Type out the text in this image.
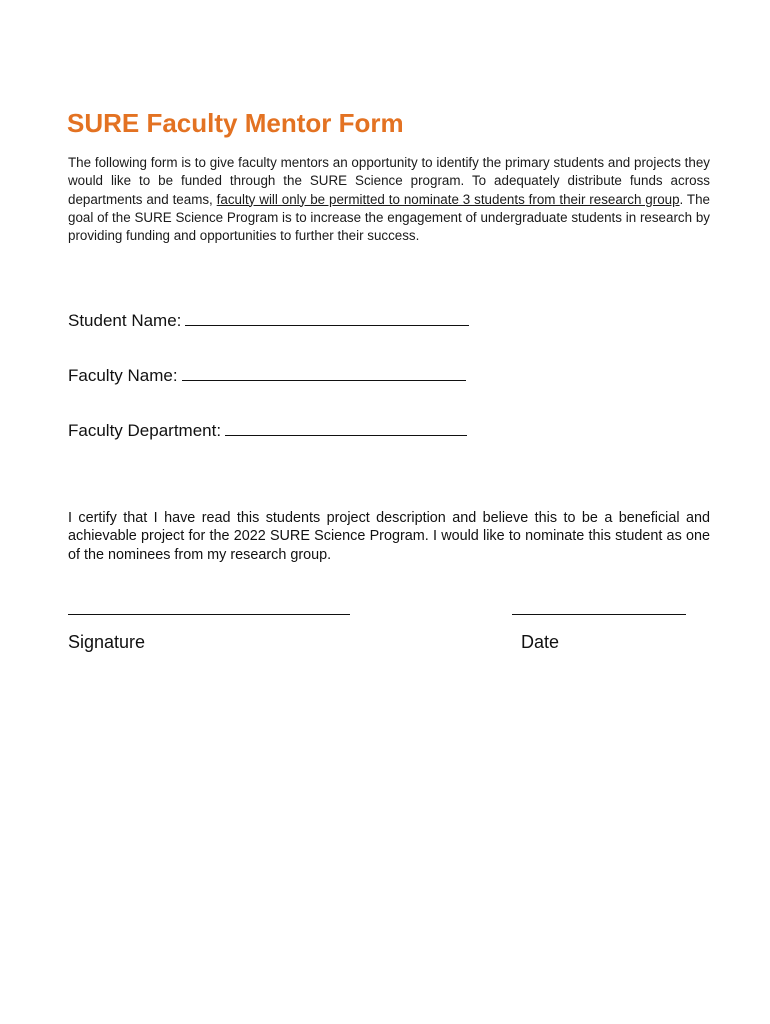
SURE Faculty Mentor Form

The following form is to give faculty mentors an opportunity to identify the primary students and projects they would like to be funded through the SURE Science program. To adequately distribute funds across departments and teams, faculty will only be permitted to nominate 3 students from their research group. The goal of the SURE Science Program is to increase the engagement of undergraduate students in research by providing funding and opportunities to further their success.

Student Name:
Faculty Name:
Faculty Department:

I certify that I have read this students project description and believe this to be a beneficial and achievable project for the 2022 SURE Science Program. I would like to nominate this student as one of the nominees from my research group.

Signature	Date
